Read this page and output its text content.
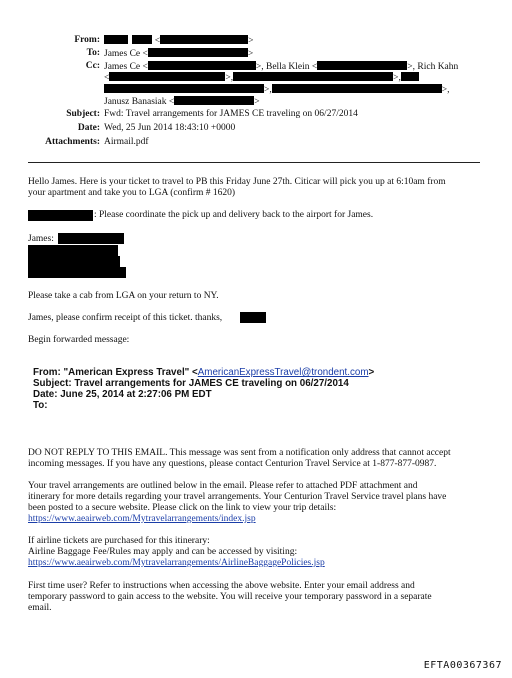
From:	<	>
To: James Ce <	>
Cc: James Ce <	>, Bella Klein <	>, Rich Kahn
<	>,	>,
>,	>,
Janusz Banasiak <	>
Subject: Fwd: Travel arrangements for JAMES CE traveling on 06/27/2014
Date: Wed, 25 Jun 2014 18:43:10 +0000
Attachments: Airmail.pdf
Hello James. Here is your ticket to travel to PB this Friday June 27th. Citicar will pick you up at 6:10am from
your apartment and take you to LGA (confirm # 1620)
: Please coordinate the pick up and delivery back to the airport for James.
James:
Please take a cab from LGA on your return to NY.
James, please confirm receipt of this ticket. thanks,
Begin forwarded message:
From: "American Express Travel" <AmericanExpressTravel@trondent.com>
Subject: Travel arrangements for JAMES CE traveling on 06/27/2014
Date: June 25, 2014 at 2:27:06 PM EDT
To:
DO NOT REPLY TO THIS EMAIL. This message was sent from a notification only address that cannot accept
incoming messages. If you have any questions, please contact Centurion Travel Service at 1-877-877-0987.
Your travel arrangements are outlined below in the email. Please refer to attached PDF attachment and
itinerary for more details regarding your travel arrangements. Your Centurion Travel Service travel plans have
been posted to a secure website. Please click on the link to view your trip details:
https://www.aeairweb.com/Mytravelarrangements/index.jsp
If airline tickets are purchased for this itinerary:
Airline Baggage Fee/Rules may apply and can be accessed by visiting:
https://www.aeairweb.com/Mytravelarrangements/AirlineBaggagePolicies.jsp
First time user? Refer to instructions when accessing the above website. Enter your email address and
temporary password to gain access to the website. You will receive your temporary password in a separate
email.
EFTA00367367
